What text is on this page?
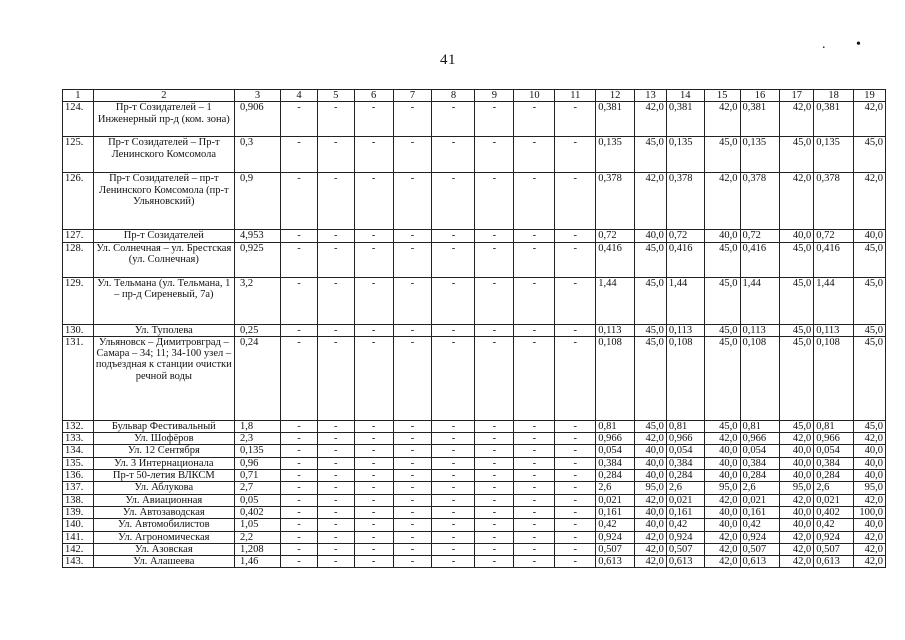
41
. •
1	2	3	4	5	6	7	8	9	10	11	12	13	14	15	16	17	18	19
124.	Пр-т Созидателей – 1 Инженерный пр-д (ком. зона)	0,906	-	-	-	-	-	-	-	-	0,381	42,0	0,381	42,0	0,381	42,0	0,381	42,0
125.	Пр-т Созидателей – Пр-т Ленинского Комсомола	0,3	-	-	-	-	-	-	-	-	0,135	45,0	0,135	45,0	0,135	45,0	0,135	45,0
126.	Пр-т Созидателей – пр-т Ленинского Комсомола (пр-т Ульяновский)	0,9	-	-	-	-	-	-	-	-	0,378	42,0	0,378	42,0	0,378	42,0	0,378	42,0
127.	Пр-т Созидателей	4,953	-	-	-	-	-	-	-	-	0,72	40,0	0,72	40,0	0,72	40,0	0,72	40,0
128.	Ул. Солнечная – ул. Брестская (ул. Солнечная)	0,925	-	-	-	-	-	-	-	-	0,416	45,0	0,416	45,0	0,416	45,0	0,416	45,0
129.	Ул. Тельмана (ул. Тельмана, 1 – пр-д Сиреневый, 7а)	3,2	-	-	-	-	-	-	-	-	1,44	45,0	1,44	45,0	1,44	45,0	1,44	45,0
130.	Ул. Туполева	0,25	-	-	-	-	-	-	-	-	0,113	45,0	0,113	45,0	0,113	45,0	0,113	45,0
131.	Ульяновск – Димитровград – Самара – 34; 11; 34-100 узел – подъездная к станции очистки речной воды	0,24	-	-	-	-	-	-	-	-	0,108	45,0	0,108	45,0	0,108	45,0	0,108	45,0
132.	Бульвар Фестивальный	1,8	-	-	-	-	-	-	-	-	0,81	45,0	0,81	45,0	0,81	45,0	0,81	45,0
133.	Ул. Шофёров	2,3	-	-	-	-	-	-	-	-	0,966	42,0	0,966	42,0	0,966	42,0	0,966	42,0
134.	Ул. 12 Сентября	0,135	-	-	-	-	-	-	-	-	0,054	40,0	0,054	40,0	0,054	40,0	0,054	40,0
135.	Ул. 3 Интернационала	0,96	-	-	-	-	-	-	-	-	0,384	40,0	0,384	40,0	0,384	40,0	0,384	40,0
136.	Пр-т 50-летия ВЛКСМ	0,71	-	-	-	-	-	-	-	-	0,284	40,0	0,284	40,0	0,284	40,0	0,284	40,0
137.	Ул. Аблукова	2,7	-	-	-	-	-	-	-	-	2,6	95,0	2,6	95,0	2,6	95,0	2,6	95,0
138.	Ул. Авиационная	0,05	-	-	-	-	-	-	-	-	0,021	42,0	0,021	42,0	0,021	42,0	0,021	42,0
139.	Ул. Автозаводская	0,402	-	-	-	-	-	-	-	-	0,161	40,0	0,161	40,0	0,161	40,0	0,402	100,0
140.	Ул. Автомобилистов	1,05	-	-	-	-	-	-	-	-	0,42	40,0	0,42	40,0	0,42	40,0	0,42	40,0
141.	Ул. Агрономическая	2,2	-	-	-	-	-	-	-	-	0,924	42,0	0,924	42,0	0,924	42,0	0,924	42,0
142.	Ул. Азовская	1,208	-	-	-	-	-	-	-	-	0,507	42,0	0,507	42,0	0,507	42,0	0,507	42,0
143.	Ул. Алашеева	1,46	-	-	-	-	-	-	-	-	0,613	42,0	0,613	42,0	0,613	42,0	0,613	42,0
